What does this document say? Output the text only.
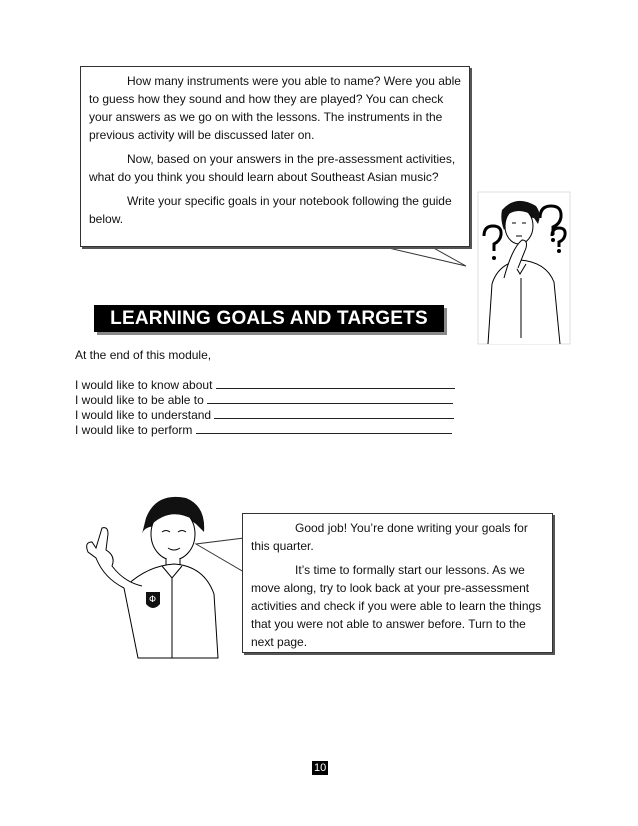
How many instruments were you able to name? Were you able to guess how they sound and how they are played? You can check your answers as we go on with the lessons. The instruments in the previous activity will be discussed later on.

Now, based on your answers in the pre-assessment activities, what do you think you should learn about Southeast Asian music?

Write your specific goals in your notebook following the guide below.

LEARNING GOALS AND TARGETS
At the end of this module,
I would like to know about
I would like to be able to
I would like to understand
I would like to perform
Φ

Good job! You’re done writing your goals for this quarter.

It’s time to formally start our lessons. As we move along, try to look back at your pre-assessment activities and check if you were able to learn the things that you were not able to answer before. Turn to the next page.

10
